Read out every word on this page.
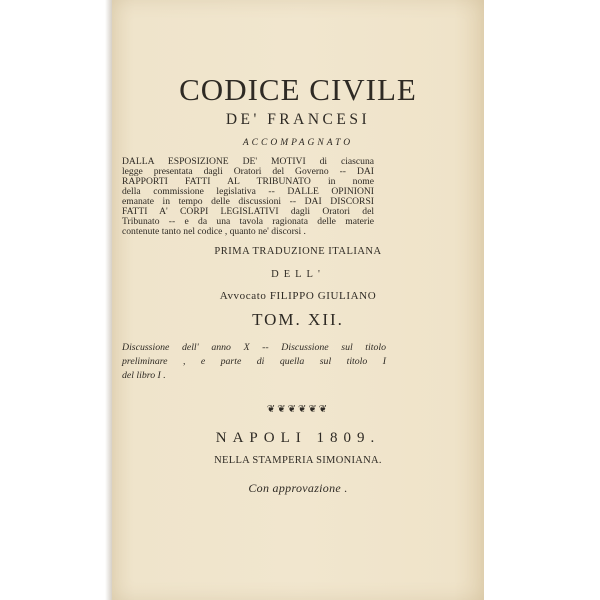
CODICE CIVILE
DE' FRANCESI
ACCOMPAGNATO
DALLA ESPOSIZIONE DE' MOTIVI di ciascuna
legge presentata dagli Oratori del Governo -- DAI
RAPPORTI FATTI AL TRIBUNATO in nome
della commissione legislativa -- DALLE OPINIONI
emanate in tempo delle discussioni -- DAI DISCORSI
FATTI A' CORPI LEGISLATIVI dagli Oratori del
Tribunato -- e da una tavola ragionata delle materie
contenute tanto nel codice , quanto ne' discorsi .
PRIMA TRADUZIONE ITALIANA
DELL'
Avvocato FILIPPO GIULIANO
TOM. XII.
Discussione dell' anno X -- Discussione sul titolo
preliminare , e parte di quella sul titolo I
del libro I .
❦❦❦❦❦❦
NAPOLI 1809.
NELLA STAMPERIA SIMONIANA.
Con approvazione .
